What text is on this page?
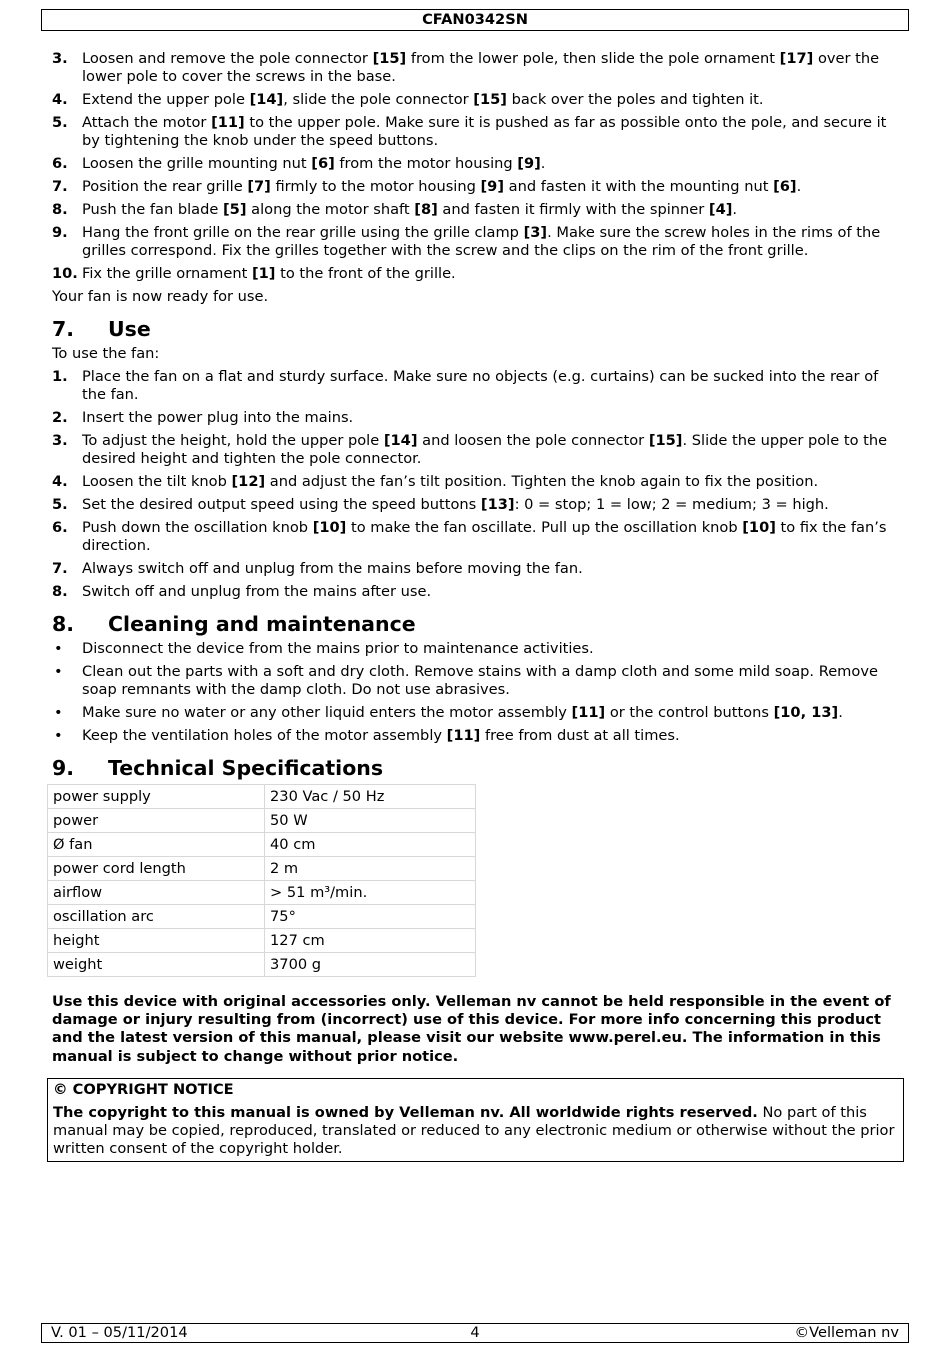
CFAN0342SN
3. Loosen and remove the pole connector [15] from the lower pole, then slide the pole ornament [17] over the lower pole to cover the screws in the base.
4. Extend the upper pole [14], slide the pole connector [15] back over the poles and tighten it.
5. Attach the motor [11] to the upper pole. Make sure it is pushed as far as possible onto the pole, and secure it by tightening the knob under the speed buttons.
6. Loosen the grille mounting nut [6] from the motor housing [9].
7. Position the rear grille [7] firmly to the motor housing [9] and fasten it with the mounting nut [6].
8. Push the fan blade [5] along the motor shaft [8] and fasten it firmly with the spinner [4].
9. Hang the front grille on the rear grille using the grille clamp [3]. Make sure the screw holes in the rims of the grilles correspond. Fix the grilles together with the screw and the clips on the rim of the front grille.
10. Fix the grille ornament [1] to the front of the grille.
Your fan is now ready for use.
7.	Use
To use the fan:
1. Place the fan on a flat and sturdy surface. Make sure no objects (e.g. curtains) can be sucked into the rear of the fan.
2. Insert the power plug into the mains.
3. To adjust the height, hold the upper pole [14] and loosen the pole connector [15]. Slide the upper pole to the desired height and tighten the pole connector.
4. Loosen the tilt knob [12] and adjust the fan’s tilt position. Tighten the knob again to fix the position.
5. Set the desired output speed using the speed buttons [13]: 0 = stop; 1 = low; 2 = medium; 3 = high.
6. Push down the oscillation knob [10] to make the fan oscillate. Pull up the oscillation knob [10] to fix the fan’s direction.
7. Always switch off and unplug from the mains before moving the fan.
8. Switch off and unplug from the mains after use.
8.	Cleaning and maintenance
•	Disconnect the device from the mains prior to maintenance activities.
•	Clean out the parts with a soft and dry cloth. Remove stains with a damp cloth and some mild soap. Remove soap remnants with the damp cloth. Do not use abrasives.
•	Make sure no water or any other liquid enters the motor assembly [11] or the control buttons [10, 13].
•	Keep the ventilation holes of the motor assembly [11] free from dust at all times.
9.	Technical Specifications
power supply	230 Vac / 50 Hz
power	50 W
Ø fan	40 cm
power cord length	2 m
airflow	> 51 m³/min.
oscillation arc	75°
height	127 cm
weight	3700 g
Use this device with original accessories only. Velleman nv cannot be held responsible in the event of damage or injury resulting from (incorrect) use of this device. For more info concerning this product and the latest version of this manual, please visit our website www.perel.eu. The information in this manual is subject to change without prior notice.
© COPYRIGHT NOTICE
The copyright to this manual is owned by Velleman nv. All worldwide rights reserved. No part of this manual may be copied, reproduced, translated or reduced to any electronic medium or otherwise without the prior written consent of the copyright holder.
V. 01 – 05/11/2014	4	©Velleman nv
